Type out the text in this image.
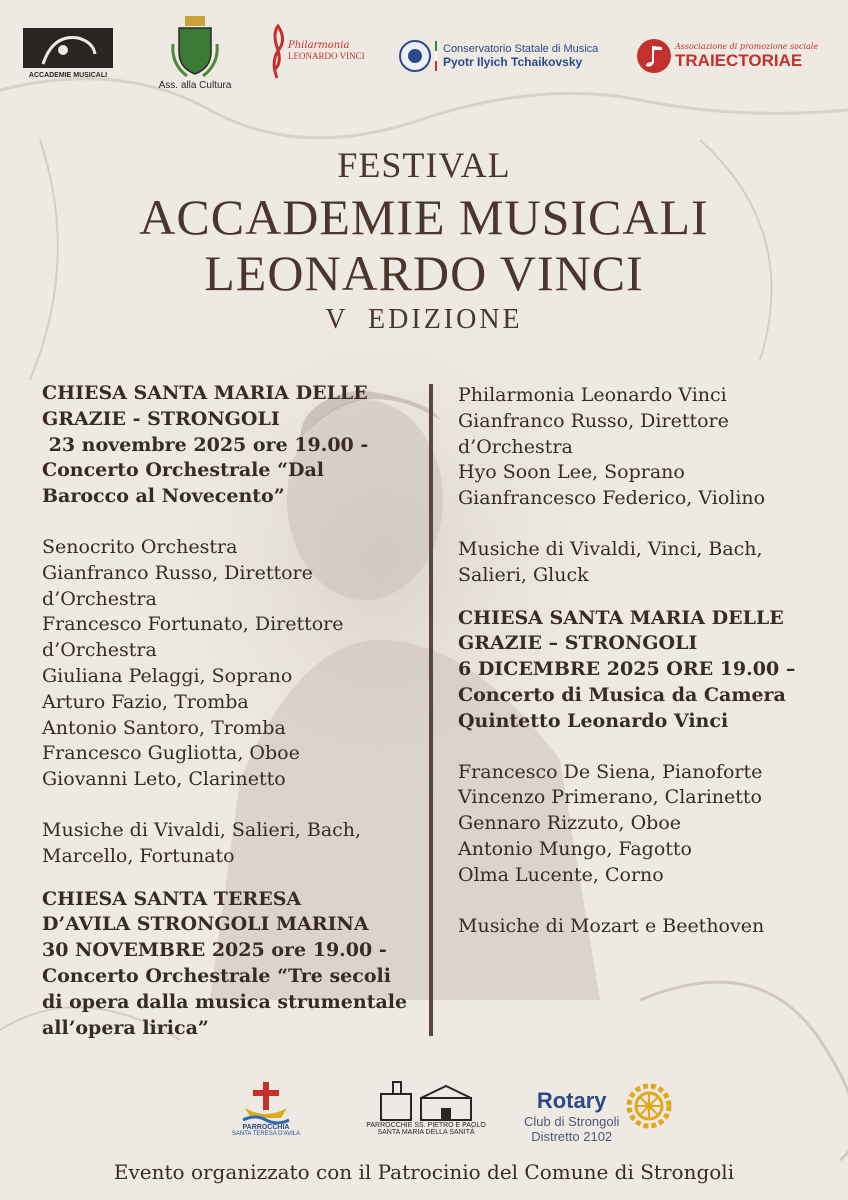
ACCADEMIE MUSICALI
Ass. alla Cultura
Philarmonia
LEONARDO VINCI
Conservatorio Statale di Musica
Pyotr Ilyich Tchaikovsky
Associazione di promozione sociale
TRAIECTORIAE
FESTIVAL
ACCADEMIE MUSICALI
LEONARDO VINCI
V  EDIZIONE

CHIESA SANTA MARIA DELLE

GRAZIE - STRONGOLI

23 novembre 2025 ore 19.00 -

Concerto Orchestrale “Dal

Barocco al Novecento”

Senocrito Orchestra

Gianfranco Russo, Direttore

d’Orchestra

Francesco Fortunato, Direttore

d’Orchestra

Giuliana Pelaggi, Soprano

Arturo Fazio, Tromba

Antonio Santoro, Tromba

Francesco Gugliotta, Oboe

Giovanni Leto, Clarinetto

Musiche di Vivaldi, Salieri, Bach,

Marcello, Fortunato

CHIESA SANTA TERESA

D’AVILA STRONGOLI MARINA

30 NOVEMBRE 2025 ore 19.00 -

Concerto Orchestrale “Tre secoli

di opera dalla musica strumentale

all’opera lirica”

Philarmonia Leonardo Vinci

Gianfranco Russo, Direttore

d’Orchestra

Hyo Soon Lee, Soprano

Gianfrancesco Federico, Violino

Musiche di Vivaldi, Vinci, Bach,

Salieri, Gluck

CHIESA SANTA MARIA DELLE

GRAZIE – STRONGOLI

6 DICEMBRE 2025 ORE 19.00 –

Concerto di Musica da Camera

Quintetto Leonardo Vinci

Francesco De Siena, Pianoforte

Vincenzo Primerano, Clarinetto

Gennaro Rizzuto, Oboe

Antonio Mungo, Fagotto

Olma Lucente, Corno

Musiche di Mozart e Beethoven

PARROCCHIA
SANTA TERESA D'AVILA
PARROCCHIE SS. PIETRO E PAOLO
SANTA MARIA DELLA SANITÀ
Rotary
Club di Strongoli
Distretto 2102
Evento organizzato con il Patrocinio del Comune di Strongoli
